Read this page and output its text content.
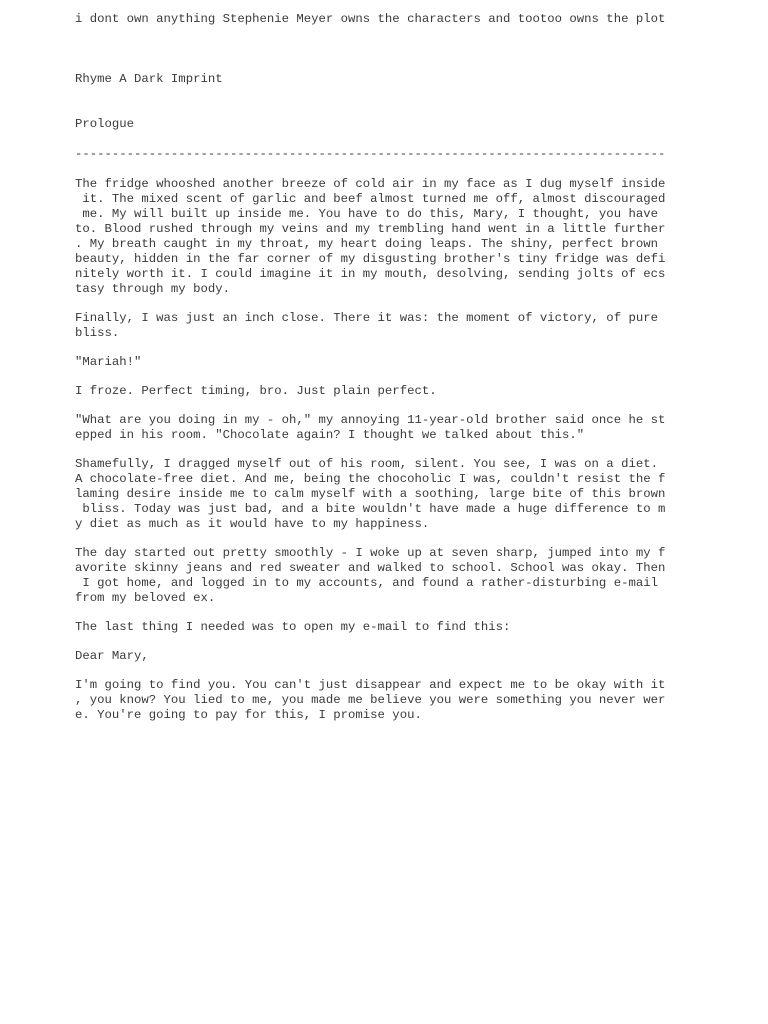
i dont own anything Stephenie Meyer owns the characters and tootoo owns the plot
Rhyme A Dark Imprint
Prologue
--------------------------------------------------------------------------------
The fridge whooshed another breeze of cold air in my face as I dug myself inside
it. The mixed scent of garlic and beef almost turned me off, almost discouraged
me. My will built up inside me. You have to do this, Mary, I thought, you have
to. Blood rushed through my veins and my trembling hand went in a little further
. My breath caught in my throat, my heart doing leaps. The shiny, perfect brown
beauty, hidden in the far corner of my disgusting brother's tiny fridge was defi
nitely worth it. I could imagine it in my mouth, desolving, sending jolts of ecs
tasy through my body.
Finally, I was just an inch close. There it was: the moment of victory, of pure
bliss.
"Mariah!"
I froze. Perfect timing, bro. Just plain perfect.
"What are you doing in my - oh," my annoying 11-year-old brother said once he st
epped in his room. "Chocolate again? I thought we talked about this."
Shamefully, I dragged myself out of his room, silent. You see, I was on a diet.
A chocolate-free diet. And me, being the chocoholic I was, couldn't resist the f
laming desire inside me to calm myself with a soothing, large bite of this brown
bliss. Today was just bad, and a bite wouldn't have made a huge difference to m
y diet as much as it would have to my happiness.
The day started out pretty smoothly - I woke up at seven sharp, jumped into my f
avorite skinny jeans and red sweater and walked to school. School was okay. Then
I got home, and logged in to my accounts, and found a rather-disturbing e-mail
from my beloved ex.
The last thing I needed was to open my e-mail to find this:
Dear Mary,
I'm going to find you. You can't just disappear and expect me to be okay with it
, you know? You lied to me, you made me believe you were something you never wer
e. You're going to pay for this, I promise you.
